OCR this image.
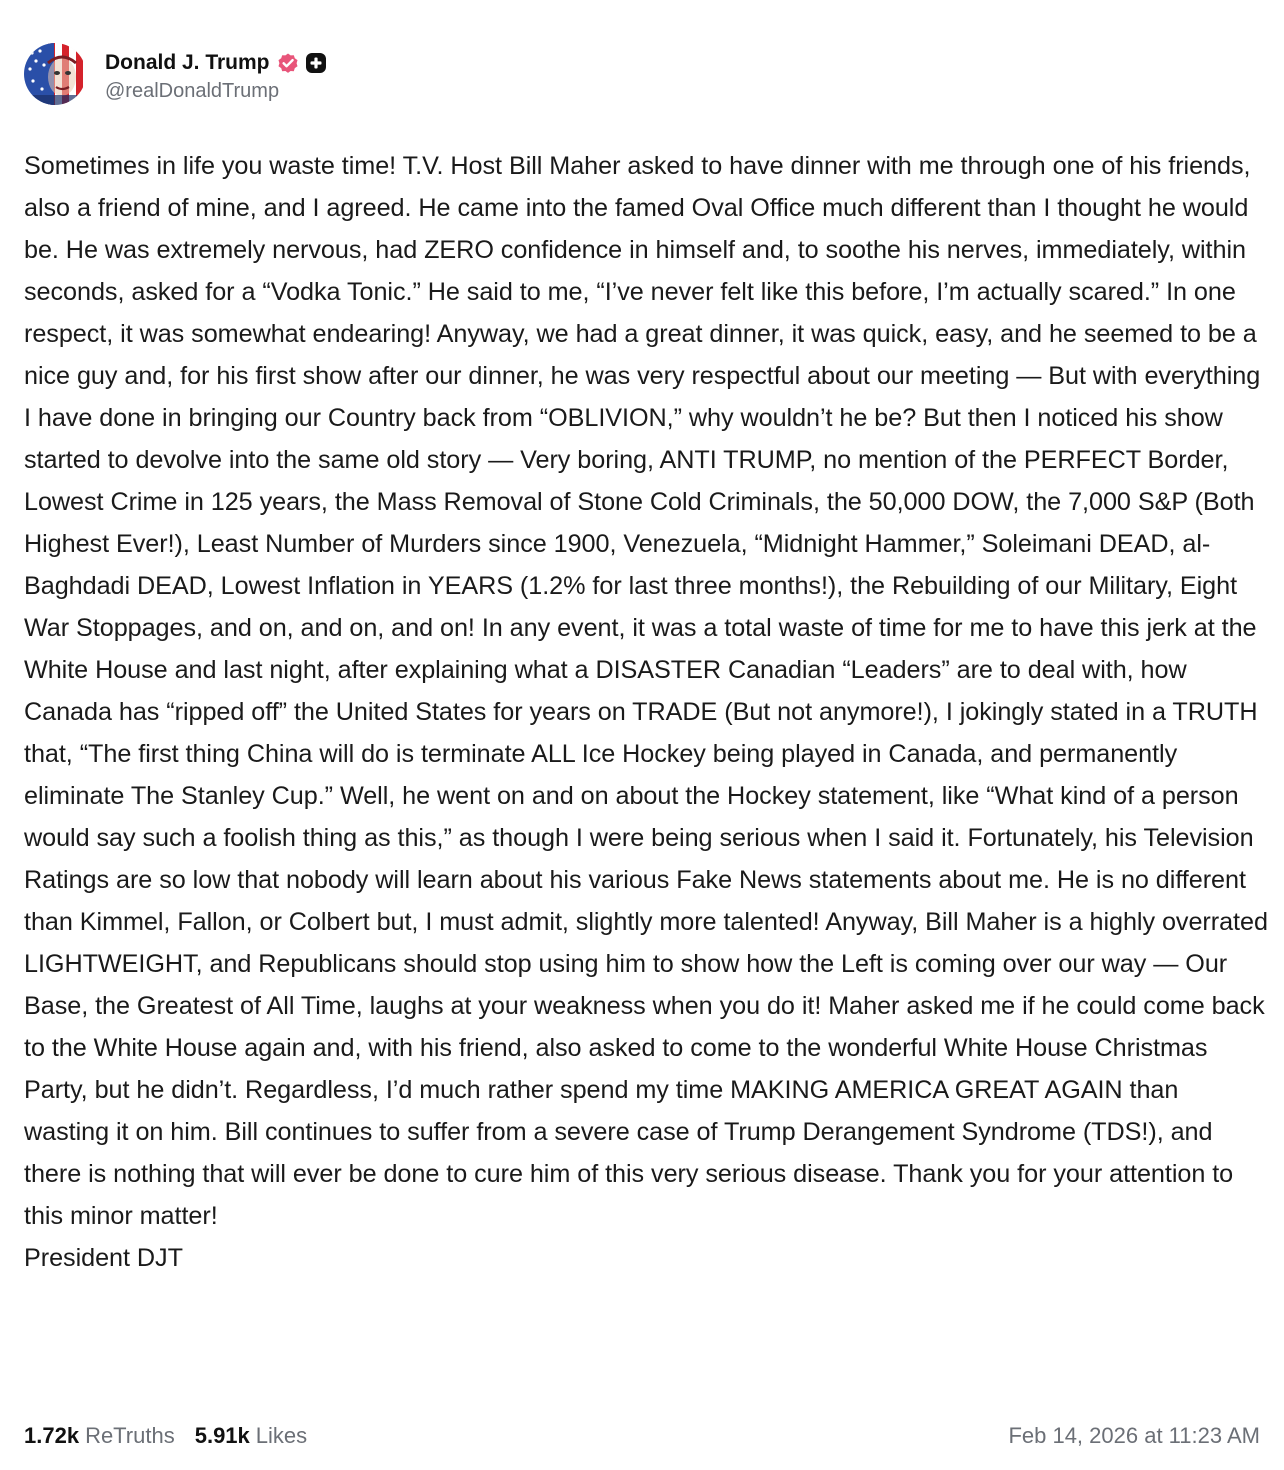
Donald J. Trump
@realDonaldTrump
Sometimes in life you waste time! T.V. Host Bill Maher asked to have dinner with me through one of his friends, also a friend of mine, and I agreed. He came into the famed Oval Office much different than I thought he would be. He was extremely nervous, had ZERO confidence in himself and, to soothe his nerves, immediately, within seconds, asked for a “Vodka Tonic.” He said to me, “I’ve never felt like this before, I’m actually scared.” In one respect, it was somewhat endearing! Anyway, we had a great dinner, it was quick, easy, and he seemed to be a nice guy and, for his first show after our dinner, he was very respectful about our meeting — But with everything I have done in bringing our Country back from “OBLIVION,” why wouldn’t he be? But then I noticed his show started to devolve into the same old story — Very boring, ANTI TRUMP, no mention of the PERFECT Border, Lowest Crime in 125 years, the Mass Removal of Stone Cold Criminals, the 50,000 DOW, the 7,000 S&P (Both Highest Ever!), Least Number of Murders since 1900, Venezuela, “Midnight Hammer,” Soleimani DEAD, al-Baghdadi DEAD, Lowest Inflation in YEARS (1.2% for last three months!), the Rebuilding of our Military, Eight War Stoppages, and on, and on, and on! In any event, it was a total waste of time for me to have this jerk at the White House and last night, after explaining what a DISASTER Canadian “Leaders” are to deal with, how Canada has “ripped off” the United States for years on TRADE (But not anymore!), I jokingly stated in a TRUTH that, “The first thing China will do is terminate ALL Ice Hockey being played in Canada, and permanently eliminate The Stanley Cup.” Well, he went on and on about the Hockey statement, like “What kind of a person would say such a foolish thing as this,” as though I were being serious when I said it. Fortunately, his Television Ratings are so low that nobody will learn about his various Fake News statements about me. He is no different than Kimmel, Fallon, or Colbert but, I must admit, slightly more talented! Anyway, Bill Maher is a highly overrated LIGHTWEIGHT, and Republicans should stop using him to show how the Left is coming over our way — Our Base, the Greatest of All Time, laughs at your weakness when you do it! Maher asked me if he could come back to the White House again and, with his friend, also asked to come to the wonderful White House Christmas Party, but he didn’t. Regardless, I’d much rather spend my time MAKING AMERICA GREAT AGAIN than wasting it on him. Bill continues to suffer from a severe case of Trump Derangement Syndrome (TDS!), and there is nothing that will ever be done to cure him of this very serious disease. Thank you for your attention to this minor matter!
President DJT
1.72k ReTruths 5.91k Likes	Feb 14, 2026 at 11:23 AM
